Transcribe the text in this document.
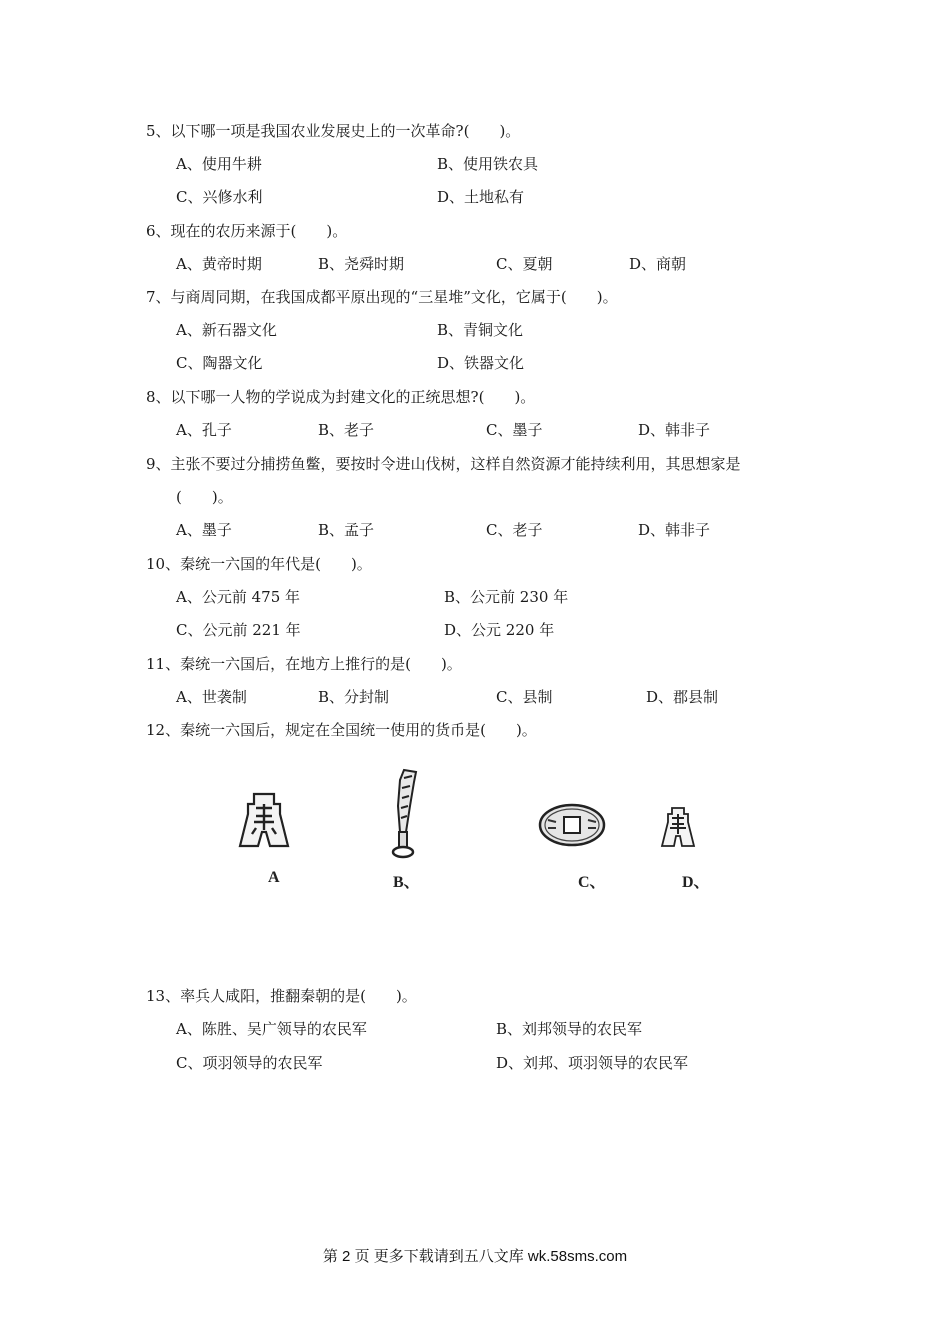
5、以下哪一项是我国农业发展史上的一次革命?(　　)。
A、使用牛耕	B、使用铁农具
C、兴修水利	D、土地私有
6、现在的农历来源于(　　)。
A、黄帝时期	B、尧舜时期	C、夏朝	D、商朝
7、与商周同期，在我国成都平原出现的“三星堆”文化，它属于(　　)。
A、新石器文化	B、青铜文化
C、陶器文化	D、铁器文化
8、以下哪一人物的学说成为封建文化的正统思想?(　　)。
A、孔子	B、老子	C、墨子	D、韩非子
9、主张不要过分捕捞鱼鳖，要按时令进山伐树，这样自然资源才能持续利用，其思想家是
(　　)。
A、墨子	B、孟子	C、老子	D、韩非子
10、秦统一六国的年代是(　　)。
A、公元前 475 年	B、公元前 230 年
C、公元前 221 年	D、公元 220 年
11、秦统一六国后，在地方上推行的是(　　)。
A、世袭制	B、分封制	C、县制	D、郡县制
12、秦统一六国后，规定在全国统一使用的货币是(　　)。
A	B、	C、	D、
13、率兵人咸阳，推翻秦朝的是(　　)。
A、陈胜、吴广领导的农民军	B、刘邦领导的农民军
C、项羽领导的农民军	D、刘邦、项羽领导的农民军
第 2 页 更多下载请到五八文库 wk.58sms.com
